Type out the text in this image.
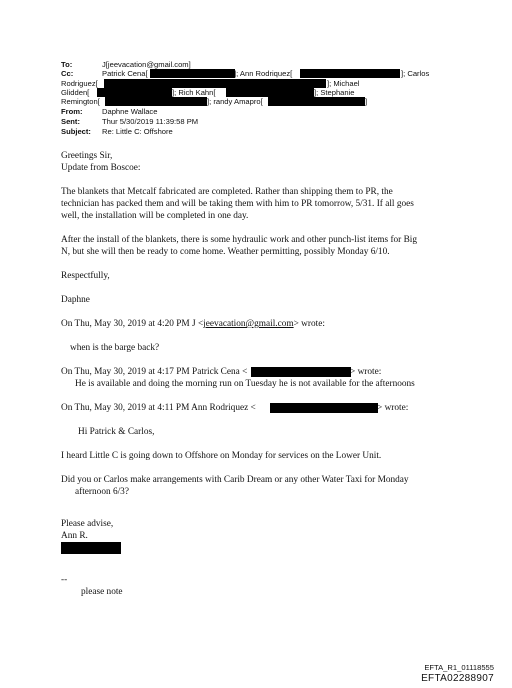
To:	J[jeevacation@gmail.com]
Cc:	Patrick Cena[	]; Ann Rodriquez[	]; Carlos
Rodriguez[	]; Michael
Glidden[	]; Rich Kahn[	]; Stephanie
Remington[	]; randy Amapro[	]
From:	Daphne Wallace
Sent:	Thur 5/30/2019 11:39:58 PM
Subject: Re: Little C: Offshore
Greetings Sir,
Update from Boscoe:
The blankets that Metcalf fabricated are completed. Rather than shipping them to PR, the
technician has packed them and will be taking them with him to PR tomorrow, 5/31. If all goes
well, the installation will be completed in one day.
After the install of the blankets, there is some hydraulic work and other punch-list items for Big
N, but she will then be ready to come home. Weather permitting, possibly Monday 6/10.
Respectfully,
Daphne
On Thu, May 30, 2019 at 4:20 PM J <jeevacation@gmail.com> wrote:
when is the barge back?
On Thu, May 30, 2019 at 4:17 PM Patrick Cena <	> wrote:
He is available and doing the morning run on Tuesday he is not available for the afternoons
On Thu, May 30, 2019 at 4:11 PM Ann Rodriquez <	> wrote:
Hi Patrick & Carlos,
I heard Little C is going down to Offshore on Monday for services on the Lower Unit.
Did you or Carlos make arrangements with Carib Dream or any other Water Taxi for Monday
afternoon 6/3?
Please advise,
Ann R.
--
please note
EFTA_R1_01118555
EFTA02288907
